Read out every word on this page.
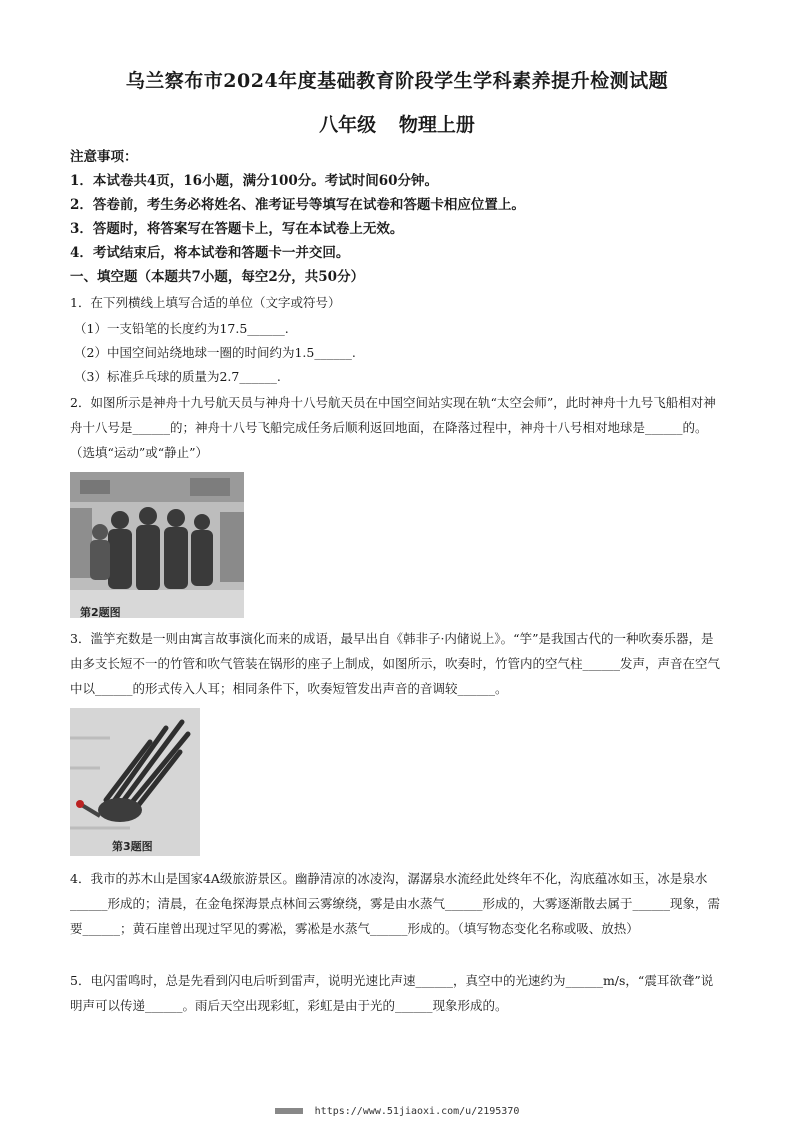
乌兰察布市2024年度基础教育阶段学生学科素养提升检测试题
八年级 物理上册
注意事项：
1．本试卷共4页，16小题，满分100分。考试时间60分钟。
2．答卷前，考生务必将姓名、准考证号等填写在试卷和答题卡相应位置上。
3．答题时，将答案写在答题卡上，写在本试卷上无效。
4．考试结束后，将本试卷和答题卡一并交回。
一、填空题（本题共7小题，每空2分，共50分）
1．在下列横线上填写合适的单位（文字或符号）
（1）一支铅笔的长度约为17.5______.
（2）中国空间站绕地球一圈的时间约为1.5______.
（3）标准乒乓球的质量为2.7______.
2．如图所示是神舟十九号航天员与神舟十八号航天员在中国空间站实现在轨“太空会师”，此时神舟十九号飞船相对神舟十八号是______的；神舟十八号飞船完成任务后顺利返回地面，在降落过程中，神舟十八号相对地球是______的。（选填“运动”或“静止”）
第2题图
3．滥竽充数是一则由寓言故事演化而来的成语，最早出自《韩非子·内储说上》。“竽”是我国古代的一种吹奏乐器，是由多支长短不一的竹管和吹气管装在锅形的座子上制成，如图所示，吹奏时，竹管内的空气柱______发声，声音在空气中以______的形式传入人耳；相同条件下，吹奏短管发出声音的音调较______。
第3题图
4．我市的苏木山是国家4A级旅游景区。幽静清凉的冰凌沟，潺潺泉水流经此处终年不化，沟底蕴冰如玉，冰是泉水______形成的；清晨，在金龟探海景点林间云雾缭绕，雾是由水蒸气______形成的，大雾逐渐散去属于______现象，需要______；黄石崖曾出现过罕见的雾凇，雾凇是水蒸气______形成的。（填写物态变化名称或吸、放热）
5．电闪雷鸣时，总是先看到闪电后听到雷声，说明光速比声速______，真空中的光速约为______m/s，“震耳欲聋”说明声可以传递______。雨后天空出现彩虹，彩虹是由于光的______现象形成的。
https://www.51jiaoxi.com/u/2195370
